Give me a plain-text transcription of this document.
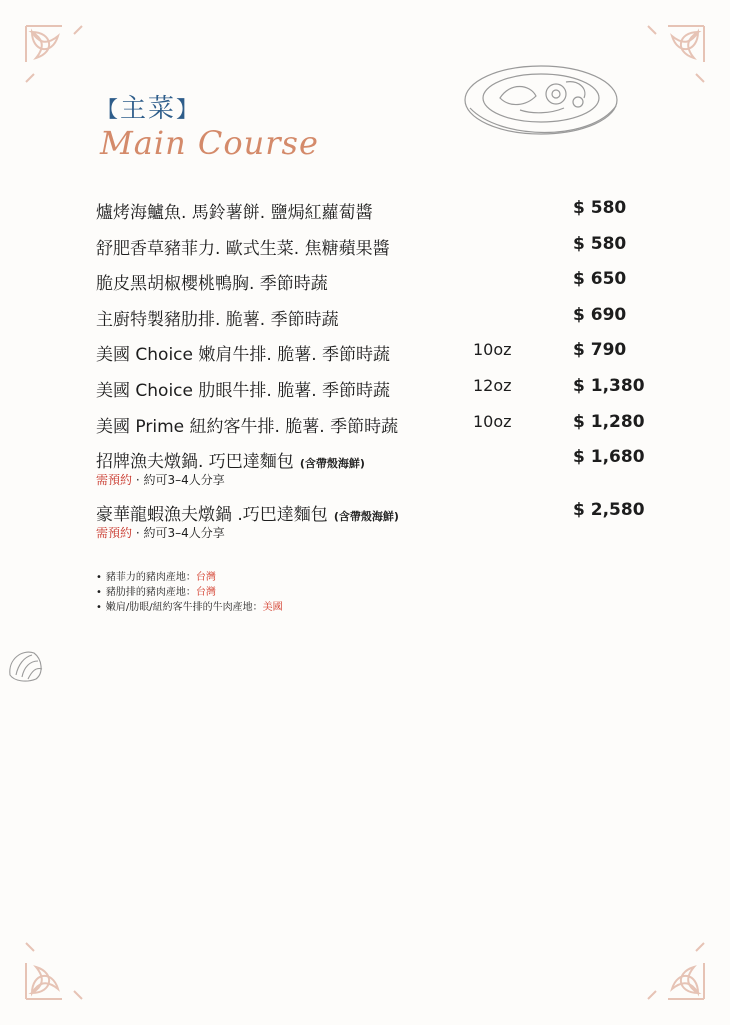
【主菜】
Main Course
爐烤海鱸魚. 馬鈴薯餅. 鹽焗紅蘿蔔醬	$ 580
舒肥香草豬菲力. 歐式生菜. 焦糖蘋果醬	$ 580
脆皮黑胡椒櫻桃鴨胸. 季節時蔬	$ 650
主廚特製豬肋排. 脆薯. 季節時蔬	$ 690
美國 Choice 嫩肩牛排. 脆薯. 季節時蔬	10oz	$ 790
美國 Choice 肋眼牛排. 脆薯. 季節時蔬	12oz	$ 1,380
美國 Prime 紐約客牛排. 脆薯. 季節時蔬	10oz	$ 1,280
招牌漁夫燉鍋. 巧巴達麵包 (含帶殼海鮮)	$ 1,680
需預約 · 約可3–4人分享
豪華龍蝦漁夫燉鍋 .巧巴達麵包 (含帶殼海鮮)	$ 2,580
需預約 · 約可3–4人分享
• 豬菲力的豬肉產地：台灣
• 豬肋排的豬肉產地：台灣
• 嫩肩/肋眼/紐約客牛排的牛肉產地：美國
